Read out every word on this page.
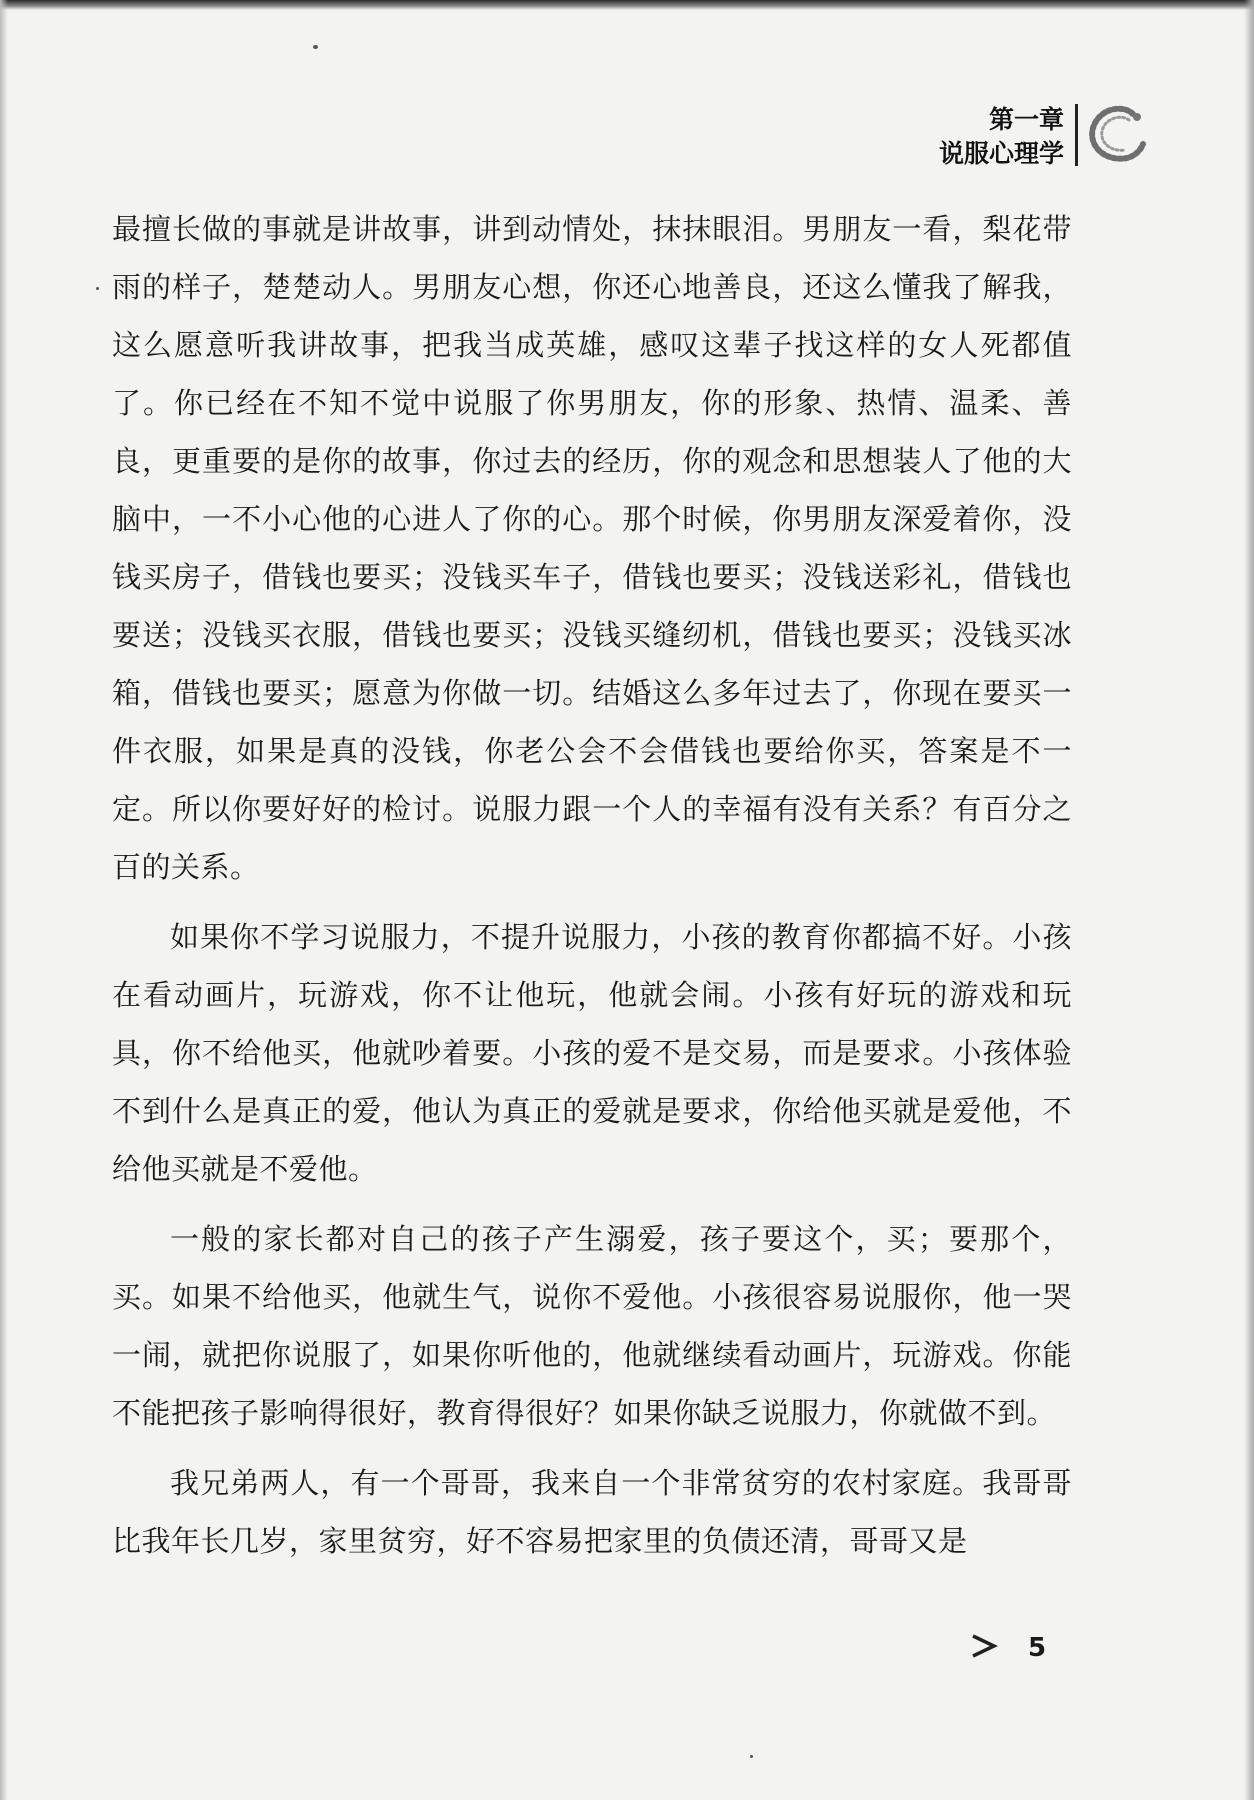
第一章
说服心理学

最擅长做的事就是讲故事，讲到动情处，抹抹眼泪。男朋友一看，梨花带雨的样子，楚楚动人。男朋友心想，你还心地善良，还这么懂我了解我，这么愿意听我讲故事，把我当成英雄，感叹这辈子找这样的女人死都值了。你已经在不知不觉中说服了你男朋友，你的形象、热情、温柔、善良，更重要的是你的故事，你过去的经历，你的观念和思想装人了他的大脑中，一不小心他的心进人了你的心。那个时候，你男朋友深爱着你，没钱买房子，借钱也要买；没钱买车子，借钱也要买；没钱送彩礼，借钱也要送；没钱买衣服，借钱也要买；没钱买缝纫机，借钱也要买；没钱买冰箱，借钱也要买；愿意为你做一切。结婚这么多年过去了，你现在要买一件衣服，如果是真的没钱，你老公会不会借钱也要给你买，答案是不一定。所以你要好好的检讨。说服力跟一个人的幸福有没有关系？有百分之百的关系。

如果你不学习说服力，不提升说服力，小孩的教育你都搞不好。小孩在看动画片，玩游戏，你不让他玩，他就会闹。小孩有好玩的游戏和玩具，你不给他买，他就吵着要。小孩的爱不是交易，而是要求。小孩体验不到什么是真正的爱，他认为真正的爱就是要求，你给他买就是爱他，不给他买就是不爱他。

一般的家长都对自己的孩子产生溺爱，孩子要这个，买；要那个，买。如果不给他买，他就生气，说你不爱他。小孩很容易说服你，他一哭一闹，就把你说服了，如果你听他的，他就继续看动画片，玩游戏。你能不能把孩子影响得很好，教育得很好？如果你缺乏说服力，你就做不到。

我兄弟两人，有一个哥哥，我来自一个非常贫穷的农村家庭。我哥哥比我年长几岁，家里贫穷，好不容易把家里的负债还清，哥哥又是

5
